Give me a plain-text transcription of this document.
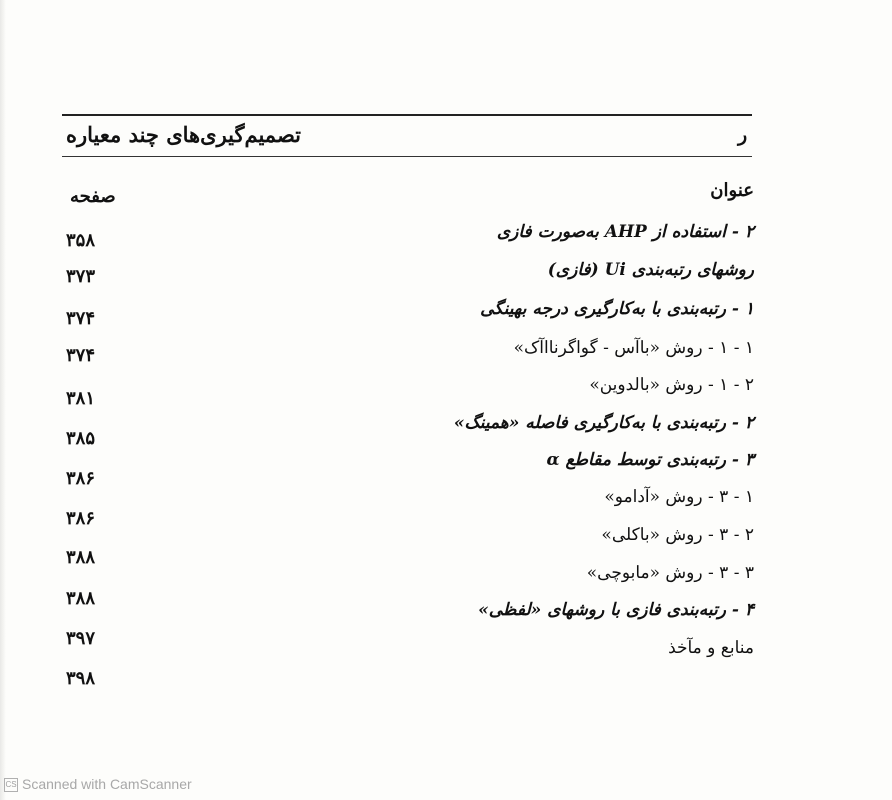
تصمیم‌گیری‌های چند معیاره	ر
عنوان
صفحه
۲ - استفاده از AHP به‌صورت فازی
۳۵۸
روشهای رتبه‌بندی Ui (فازی)
۳۷۳
۱ - رتبه‌بندی با به‌کارگیری درجه بهینگی
۳۷۴
۱ - ۱ - روش «باآس - گواگرنااآک»
۳۷۴
۲ - ۱ - روش «بالدوین»
۳۸۱
۲ - رتبه‌بندی با به‌کارگیری فاصله «همینگ»
۳۸۵
۳ - رتبه‌بندی توسط مقاطع α
۳۸۶
۱ - ۳ - روش «آدامو»
۳۸۶
۲ - ۳ - روش «باکلی»
۳۸۸
۳ - ۳ - روش «مابوچی»
۳۸۸
۴ - رتبه‌بندی فازی با روشهای «لفظی»
۳۹۷	منابع و مآخذ
۳۹۸
CS Scanned with CamScanner
